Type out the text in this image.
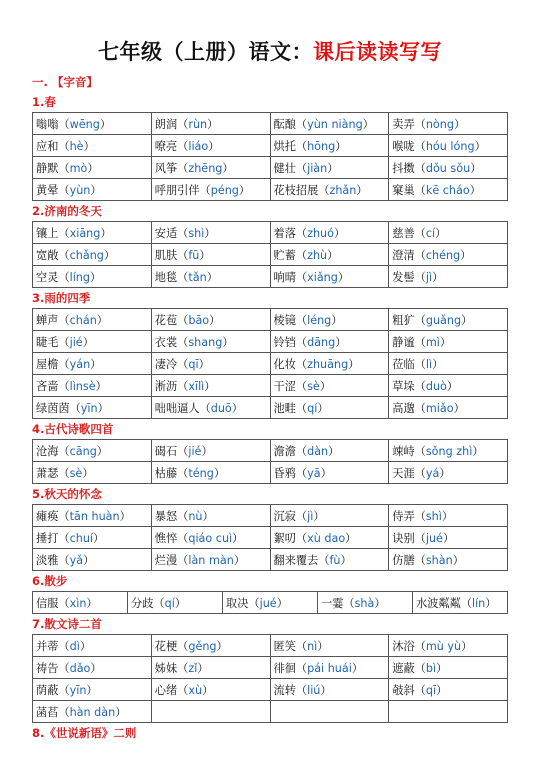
七年级（上册）语文：课后读读写写
一. 【字音】
1.春
嗡嗡（wēng）	朗润（rùn）	酝酿（yùn niàng）	卖弄（nòng）
应和（hè）	嘹亮（liáo）	烘托（hōng）	喉咙（hóu lóng）
静默（mò）	风筝（zhēng）	健壮（jiàn）	抖擞（dǒu sǒu）
黄晕（yùn）	呼朋引伴（péng）	花枝招展（zhǎn）	窠巢（kē cháo）
2.济南的冬天
镶上（xiāng）	安适（shì）	着落（zhuó）	慈善（cí）
宽敞（chǎng）	肌肤（fū）	贮蓄（zhù）	澄清（chéng）
空灵（líng）	地毯（tǎn）	响晴（xiǎng）	发髻（jì）
3.雨的四季
蝉声（chán）	花苞（bāo）	棱镜（léng）	粗犷（guǎng）
睫毛（jié）	衣裳（shang）	铃铛（dāng）	静谧（mì）
屋檐（yán）	凄冷（qī）	化妆（zhuāng）	莅临（lì）
吝啬（lìnsè）	淅沥（xīlì）	干涩（sè）	草垛（duò）
绿茵茵（yīn）	咄咄逼人（duō）	池畦（qí）	高邈（miǎo）
4.古代诗歌四首
沧海（cāng）	碣石（jié）	澹澹（dàn）	竦峙（sǒng zhì）
萧瑟（sè）	枯藤（téng）	昏鸦（yā）	天涯（yá）
5.秋天的怀念
瘫痪（tān huàn）	暴怒（nù）	沉寂（jì）	侍弄（shì）
捶打（chuí）	憔悴（qiáo cuì）	絮叨（xù dao）	诀别（jué）
淡雅（yǎ）	烂漫（làn màn）	翻来覆去（fù）	仿膳（shàn）
6.散步
信服（xìn）	分歧（qí）	取决（jué）	一霎（shà）	水波粼粼（lín）
7.散文诗二首
并蒂（dì）	花梗（gěng）	匿笑（nì）	沐浴（mù yù）
祷告（dǎo）	姊妹（zǐ）	徘徊（pái huái）	遮蔽（bì）
荫蔽（yīn）	心绪（xù）	流转（liú）	攲斜（qī）
菡萏（hàn dàn）			
8.《世说新语》二则
